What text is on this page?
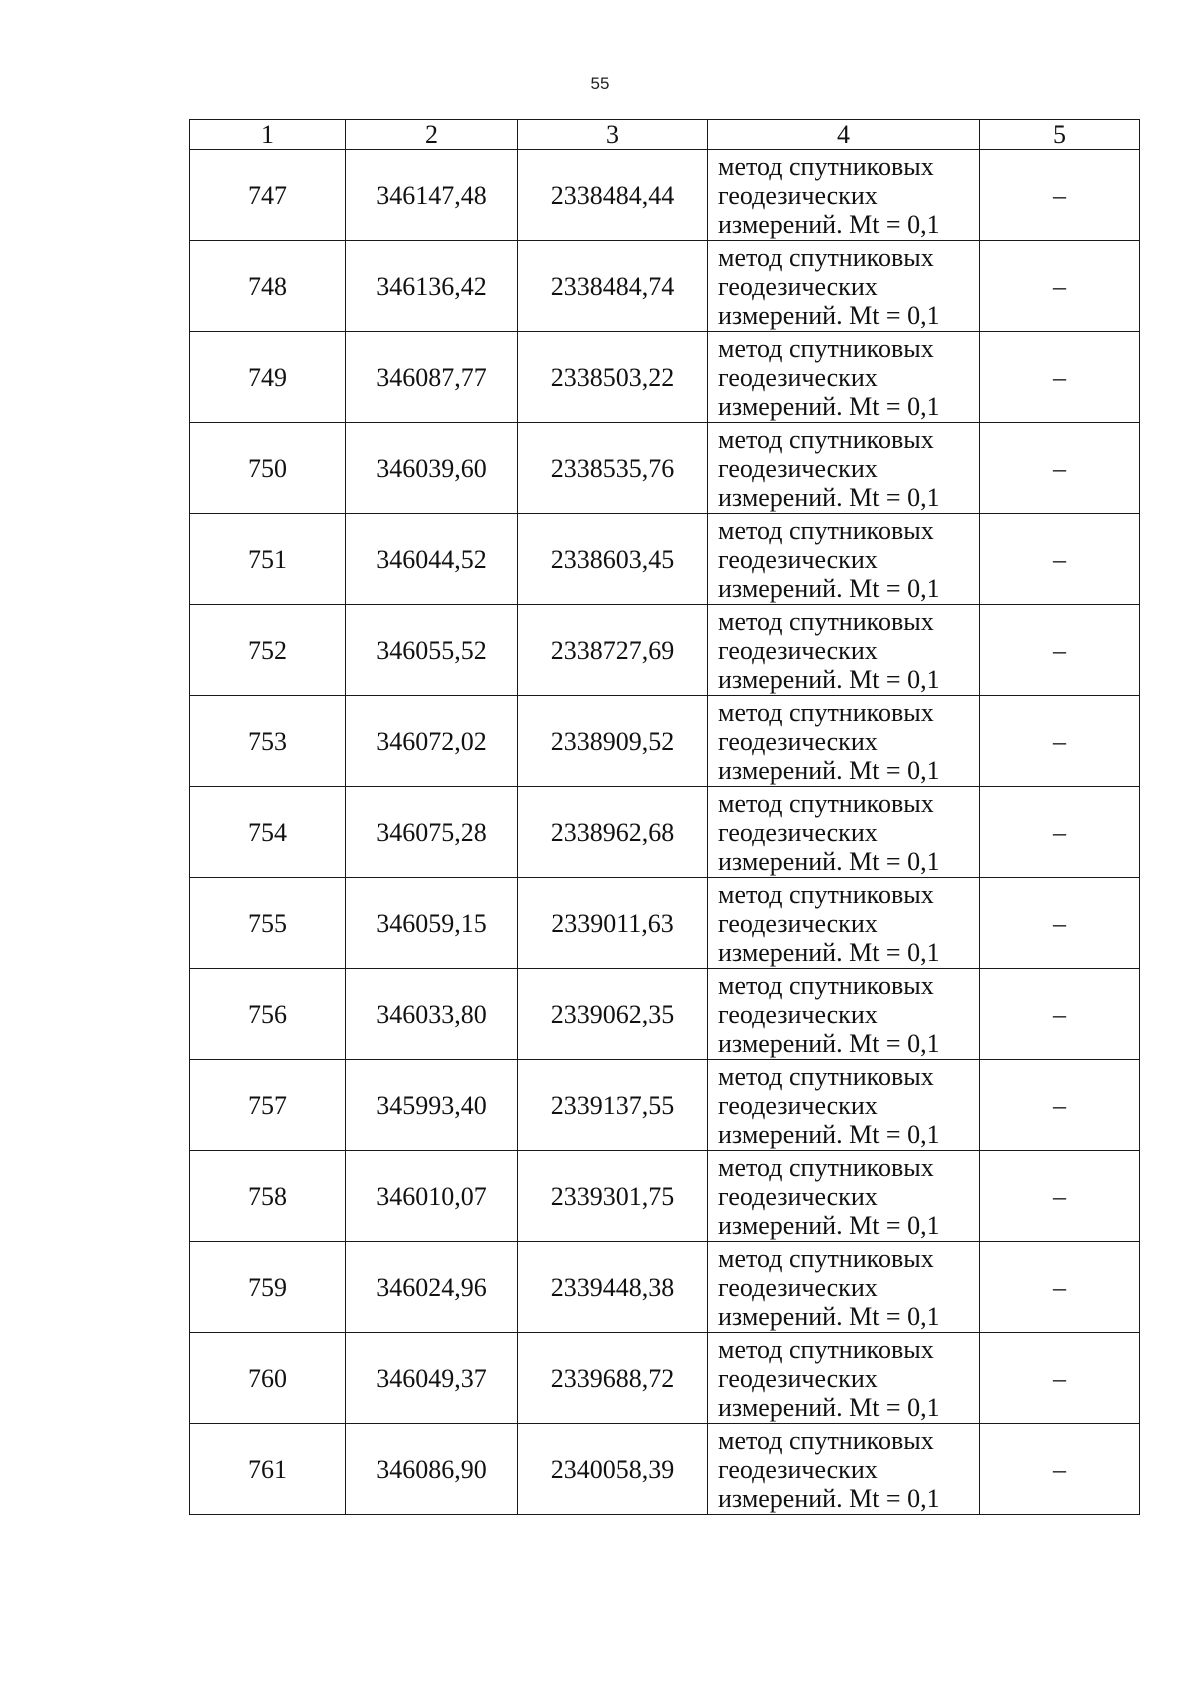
55
1	2	3	4	5
747	346147,48	2338484,44	метод спутниковых
геодезических
измерений. Mt = 0,1	–
748	346136,42	2338484,74	метод спутниковых
геодезических
измерений. Mt = 0,1	–
749	346087,77	2338503,22	метод спутниковых
геодезических
измерений. Mt = 0,1	–
750	346039,60	2338535,76	метод спутниковых
геодезических
измерений. Mt = 0,1	–
751	346044,52	2338603,45	метод спутниковых
геодезических
измерений. Mt = 0,1	–
752	346055,52	2338727,69	метод спутниковых
геодезических
измерений. Mt = 0,1	–
753	346072,02	2338909,52	метод спутниковых
геодезических
измерений. Mt = 0,1	–
754	346075,28	2338962,68	метод спутниковых
геодезических
измерений. Mt = 0,1	–
755	346059,15	2339011,63	метод спутниковых
геодезических
измерений. Mt = 0,1	–
756	346033,80	2339062,35	метод спутниковых
геодезических
измерений. Mt = 0,1	–
757	345993,40	2339137,55	метод спутниковых
геодезических
измерений. Mt = 0,1	–
758	346010,07	2339301,75	метод спутниковых
геодезических
измерений. Mt = 0,1	–
759	346024,96	2339448,38	метод спутниковых
геодезических
измерений. Mt = 0,1	–
760	346049,37	2339688,72	метод спутниковых
геодезических
измерений. Mt = 0,1	–
761	346086,90	2340058,39	метод спутниковых
геодезических
измерений. Mt = 0,1	–
